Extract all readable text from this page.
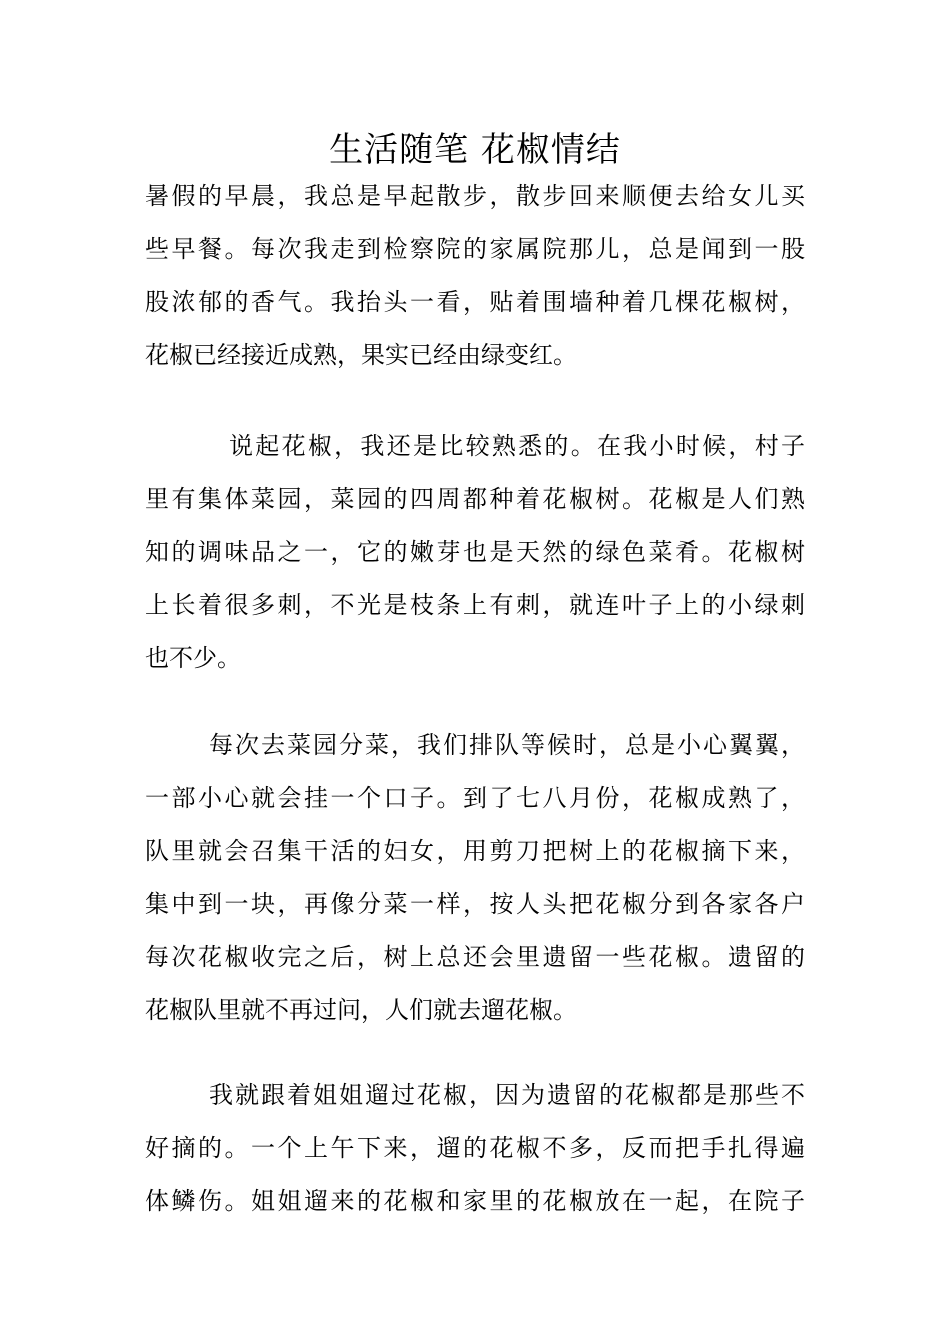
生活随笔 花椒情结
暑假的早晨，我总是早起散步，散步回来顺便去给女儿买
些早餐。每次我走到检察院的家属院那儿，总是闻到一股
股浓郁的香气。我抬头一看，贴着围墙种着几棵花椒树，
花椒已经接近成熟，果实已经由绿变红。
说起花椒，我还是比较熟悉的。在我小时候，村子
里有集体菜园，菜园的四周都种着花椒树。花椒是人们熟
知的调味品之一，它的嫩芽也是天然的绿色菜肴。花椒树
上长着很多刺，不光是枝条上有刺，就连叶子上的小绿刺
也不少。
每次去菜园分菜，我们排队等候时，总是小心翼翼，
一部小心就会挂一个口子。到了七八月份，花椒成熟了，
队里就会召集干活的妇女，用剪刀把树上的花椒摘下来，
集中到一块，再像分菜一样，按人头把花椒分到各家各户
每次花椒收完之后，树上总还会里遗留一些花椒。遗留的
花椒队里就不再过问，人们就去遛花椒。
我就跟着姐姐遛过花椒，因为遗留的花椒都是那些不
好摘的。一个上午下来，遛的花椒不多，反而把手扎得遍
体鳞伤。姐姐遛来的花椒和家里的花椒放在一起，在院子
